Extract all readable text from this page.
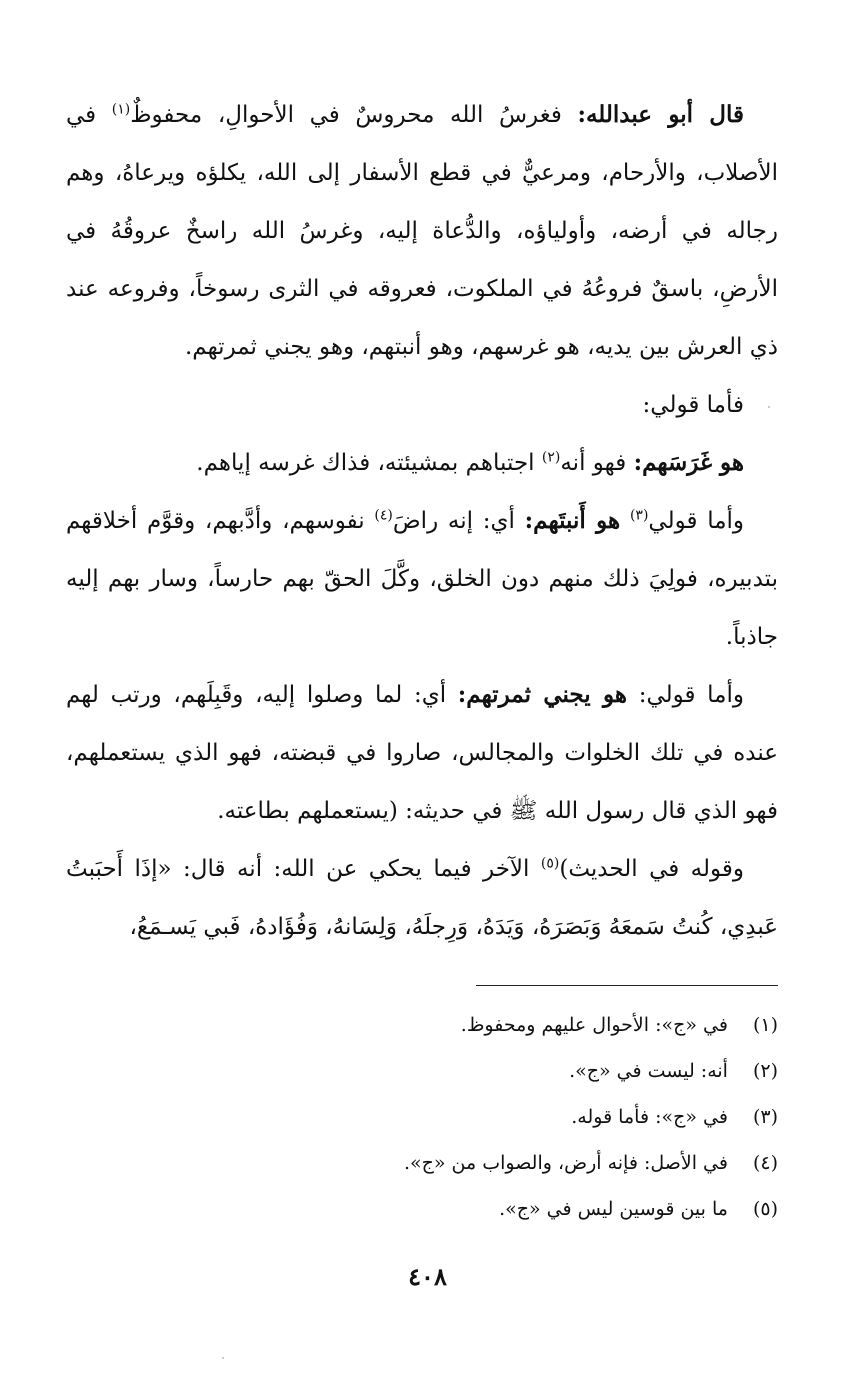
قال أبو عبدالله: فغرسُ الله محروسٌ في الأحوالِ، محفوظٌ$^{(١)}$ في الأصلاب، والأرحام، ومرعيٌّ في قطع الأسفار إلى الله، يكلؤه ويرعاهُ، وهم رجاله في أرضه، وأولياؤه، والدُّعاة إليه، وغرسُ الله راسخٌ عروقُهُ في الأرضِ، باسقٌ فروعُهُ في الملكوت، فعروقه في الثرى رسوخاً، وفروعه عند ذي العرش بين يديه، هو غرسهم، وهو أنبتهم، وهو يجني ثمرتهم.

فأما قولي:

هو غَرَسَهم: فهو أنه$^{(٢)}$ اجتباهم بمشيئته، فذاك غرسه إياهم.

وأما قولي$^{(٣)}$ هو أَنبتَهم: أي: إنه راضَ$^{(٤)}$ نفوسهم، وأدَّبهم، وقوَّم أخلاقهم بتدبيره، فولِيَ ذلك منهم دون الخلق، وكَّلَ الحقّ بهم حارساً، وسار بهم إليه جاذباً.

وأما قولي: هو يجني ثمرتهم: أي: لما وصلوا إليه، وقَبِلَهم، ورتب لهم عنده في تلك الخلوات والمجالس، صاروا في قبضته، فهو الذي يستعملهم، فهو الذي قال رسول الله ﷺ في حديثه: (يستعملهم بطاعته.

وقوله في الحديث)$^{(٥)}$ الآخر فيما يحكي عن الله: أنه قال: «إذَا أَحبَبتُ عَبدِي، كُنتُ سَمعَهُ وَبَصَرَهُ، وَيَدَهُ، وَرِجلَهُ، وَلِسَانهُ، وَفُؤَادهُ، فَبي يَسـمَعُ،

(١) في «ج»: الأحوال عليهم ومحفوظ.

(٢) أنه: ليست في «ج».

(٣) في «ج»: فأما قوله.

(٤) في الأصل: فإنه أرض، والصواب من «ج».

(٥) ما بين قوسين ليس في «ج».

٤٠٨
